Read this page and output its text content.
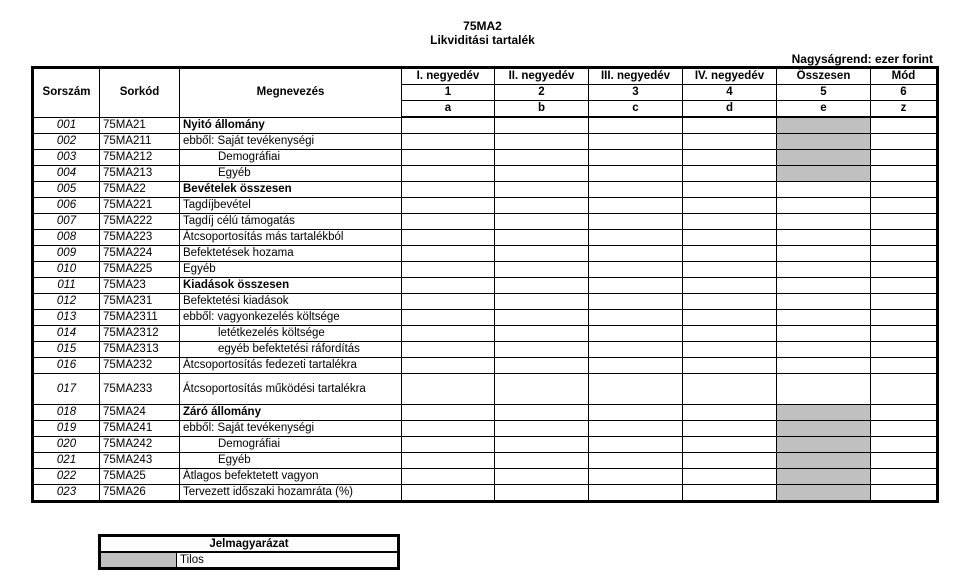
75MA2
Likviditási tartalék
Nagyságrend: ezer forint
Sorszám	Sorkód	Megnevezés	I. negyedév	II. negyedév	III. negyedév	IV. negyedév	Összesen	Mód
			1	2	3	4	5	6
			a	b	c	d	e	z
001	75MA21	Nyitó állomány						
002	75MA211	ebből: Saját tevékenységi						
003	75MA212	Demográfiai						
004	75MA213	Egyéb						
005	75MA22	Bevételek összesen						
006	75MA221	Tagdíjbevétel						
007	75MA222	Tagdíj célú támogatás						
008	75MA223	Átcsoportosítás más tartalékból						
009	75MA224	Befektetések hozama						
010	75MA225	Egyéb						
011	75MA23	Kiadások összesen						
012	75MA231	Befektetési kiadások						
013	75MA2311	ebből: vagyonkezelés költsége						
014	75MA2312	letétkezelés költsége						
015	75MA2313	egyéb befektetési ráfordítás						
016	75MA232	Átcsoportosítás fedezeti tartalékra						
017	75MA233	Átcsoportosítás működési tartalékra						
018	75MA24	Záró állomány						
019	75MA241	ebből: Saját tevékenységi						
020	75MA242	Demográfiai						
021	75MA243	Egyéb						
022	75MA25	Átlagos befektetett vagyon						
023	75MA26	Tervezett időszaki hozamráta (%)						
Jelmagyarázat
	Tilos
